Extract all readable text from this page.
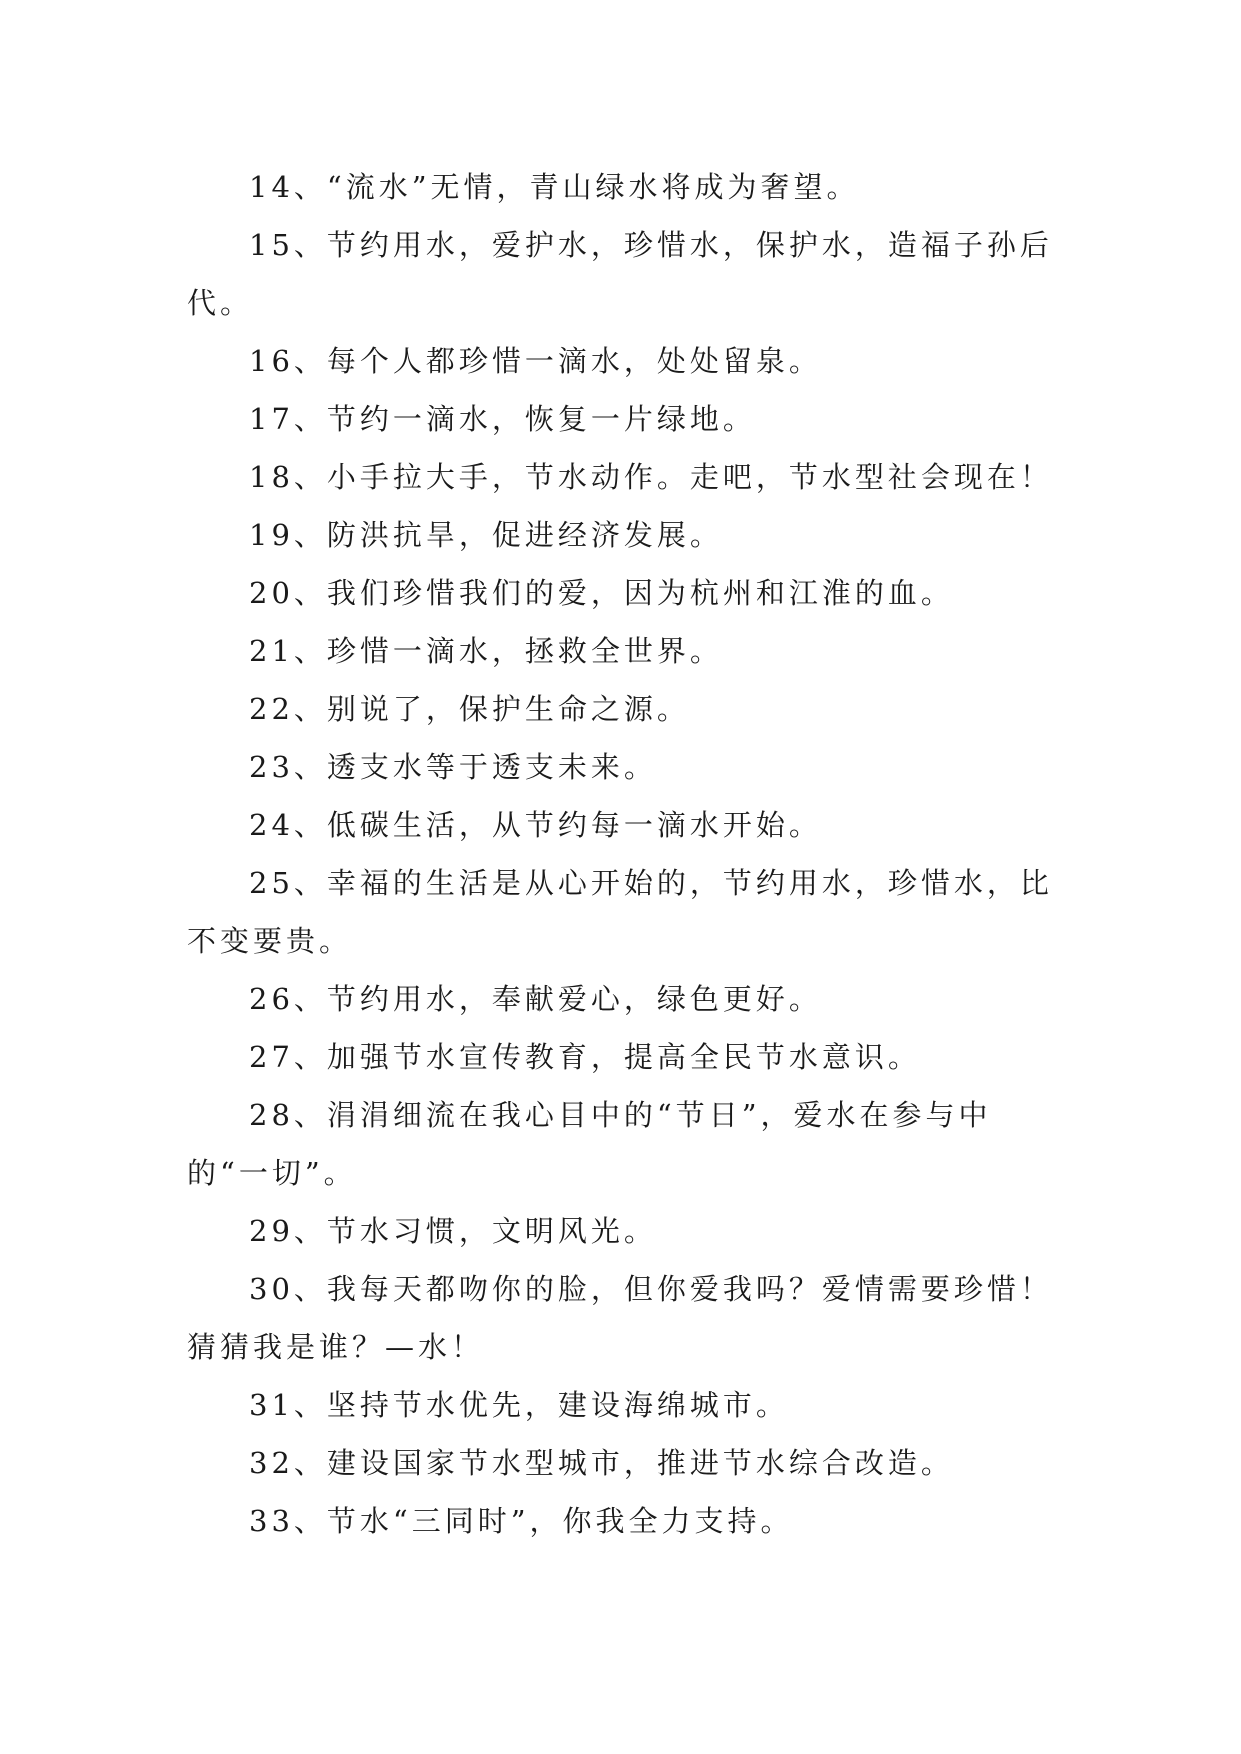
14、“流水”无情，青山绿水将成为奢望。

15、节约用水，爱护水，珍惜水，保护水，造福子孙后代。

16、每个人都珍惜一滴水，处处留泉。

17、节约一滴水，恢复一片绿地。

18、小手拉大手，节水动作。走吧，节水型社会现在！

19、防洪抗旱，促进经济发展。

20、我们珍惜我们的爱，因为杭州和江淮的血。

21、珍惜一滴水，拯救全世界。

22、别说了，保护生命之源。

23、透支水等于透支未来。

24、低碳生活，从节约每一滴水开始。

25、幸福的生活是从心开始的，节约用水，珍惜水，比不变要贵。

26、节约用水，奉献爱心，绿色更好。

27、加强节水宣传教育，提高全民节水意识。

28、涓涓细流在我心目中的“节日”，爱水在参与中的“一切”。

29、节水习惯，文明风光。

30、我每天都吻你的脸，但你爱我吗？爱情需要珍惜！猜猜我是谁？—水！

31、坚持节水优先，建设海绵城市。

32、建设国家节水型城市，推进节水综合改造。

33、节水“三同时”，你我全力支持。
